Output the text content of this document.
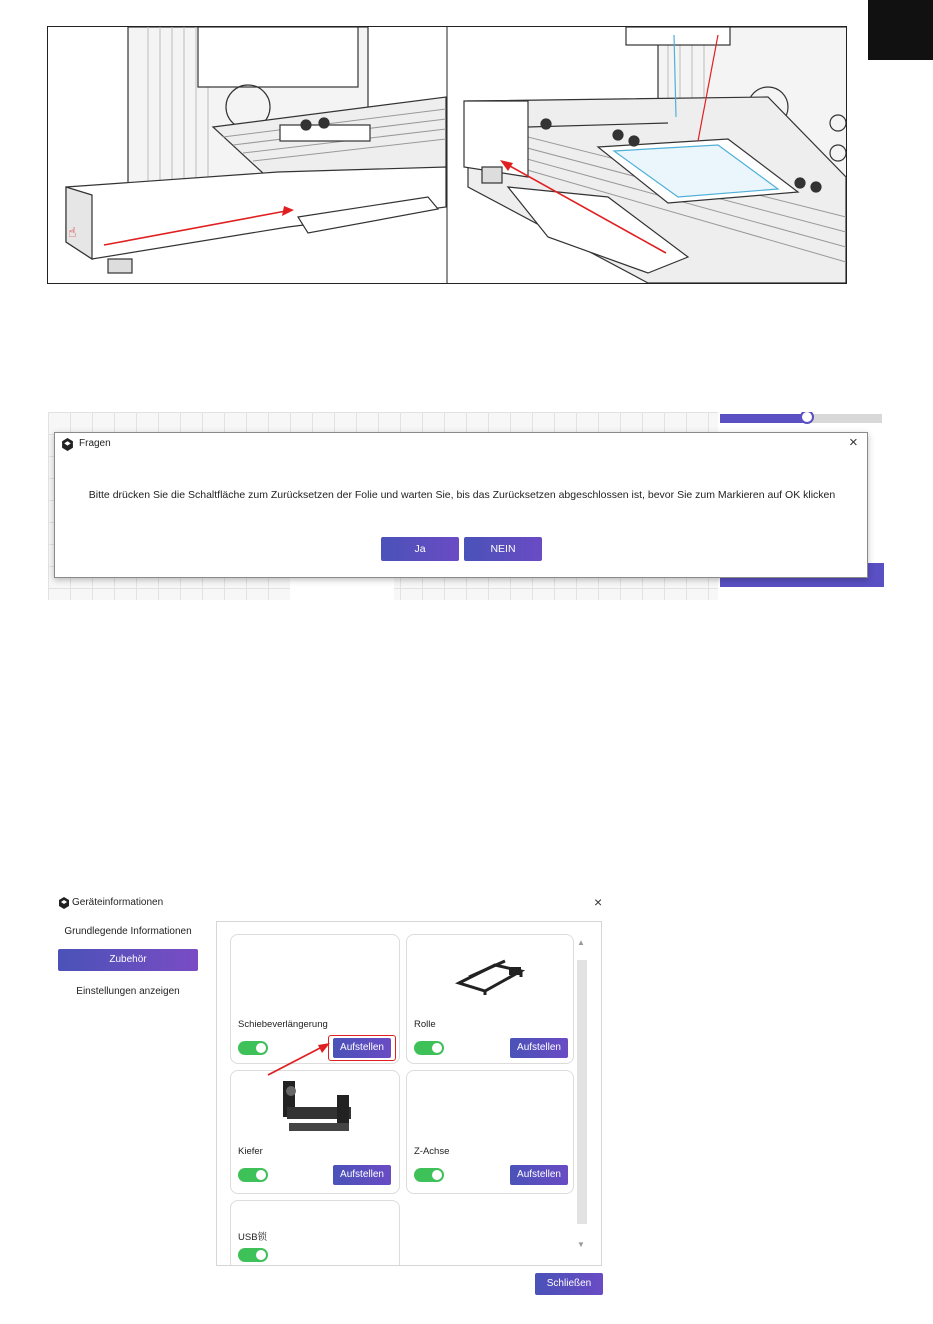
☝
Fragen	×
Bitte drücken Sie die Schaltfläche zum Zurücksetzen der Folie und warten Sie, bis das Zurücksetzen abgeschlossen ist, bevor Sie zum Markieren auf OK klicken
Ja	NEIN
Geräteinformationen	×
Grundlegende Informationen
Zubehör
Einstellungen anzeigen
Schiebeverlängerung
Aufstellen
Rolle
Aufstellen
Kiefer
Aufstellen
Z-Achse
Aufstellen
USB锁
▲
▼
Schließen
